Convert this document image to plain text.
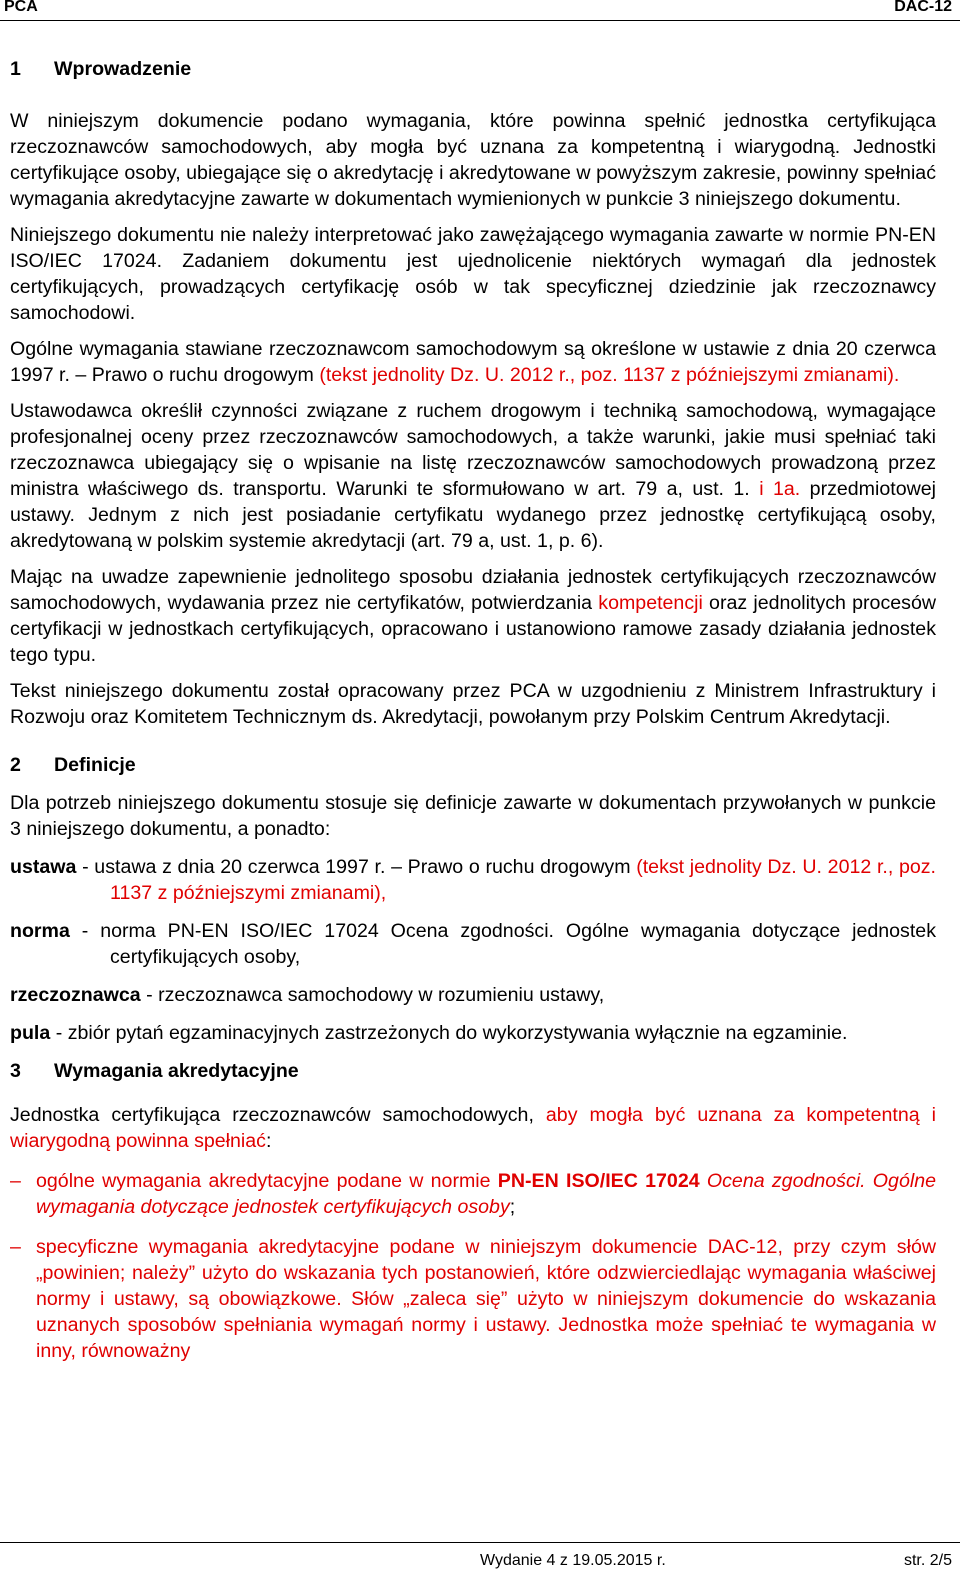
PCA	DAC-12
1 Wprowadzenie

W niniejszym dokumencie podano wymagania, które powinna spełnić jednostka certyfikująca rzeczoznawców samochodowych, aby mogła być uznana za kompetentną i wiarygodną. Jednostki certyfikujące osoby, ubiegające się o akredytację i akredytowane w powyższym zakresie, powinny spełniać wymagania akredytacyjne zawarte w dokumentach wymienionych w punkcie 3 niniejszego dokumentu.

Niniejszego dokumentu nie należy interpretować jako zawężającego wymagania zawarte w normie PN-EN ISO/IEC 17024. Zadaniem dokumentu jest ujednolicenie niektórych wymagań dla jednostek certyfikujących, prowadzących certyfikację osób w tak specyficznej dziedzinie jak rzeczoznawcy samochodowi.

Ogólne wymagania stawiane rzeczoznawcom samochodowym są określone w ustawie z dnia 20 czerwca 1997 r. – Prawo o ruchu drogowym (tekst jednolity Dz. U. 2012 r., poz. 1137 z późniejszymi zmianami).

Ustawodawca określił czynności związane z ruchem drogowym i techniką samochodową, wymagające profesjonalnej oceny przez rzeczoznawców samochodowych, a także warunki, jakie musi spełniać taki rzeczoznawca ubiegający się o wpisanie na listę rzeczoznawców samochodowych prowadzoną przez ministra właściwego ds. transportu. Warunki te sformułowano w art. 79 a, ust. 1. i 1a. przedmiotowej ustawy. Jednym z nich jest posiadanie certyfikatu wydanego przez jednostkę certyfikującą osoby, akredytowaną w polskim systemie akredytacji (art. 79 a, ust. 1, p. 6).

Mając na uwadze zapewnienie jednolitego sposobu działania jednostek certyfikujących rzeczoznawców samochodowych, wydawania przez nie certyfikatów, potwierdzania kompetencji oraz jednolitych procesów certyfikacji w jednostkach certyfikujących, opracowano i ustanowiono ramowe zasady działania jednostek tego typu.

Tekst niniejszego dokumentu został opracowany przez PCA w uzgodnieniu z Ministrem Infrastruktury i Rozwoju oraz Komitetem Technicznym ds. Akredytacji, powołanym przy Polskim Centrum Akredytacji.

2 Definicje

Dla potrzeb niniejszego dokumentu stosuje się definicje zawarte w dokumentach przywołanych w punkcie 3 niniejszego dokumentu, a ponadto:

ustawa - ustawa z dnia 20 czerwca 1997 r. – Prawo o ruchu drogowym (tekst jednolity Dz. U. 2012 r., poz. 1137 z późniejszymi zmianami),

norma - norma PN-EN ISO/IEC 17024 Ocena zgodności. Ogólne wymagania dotyczące jednostek certyfikujących osoby,

rzeczoznawca - rzeczoznawca samochodowy w rozumieniu ustawy,

pula - zbiór pytań egzaminacyjnych zastrzeżonych do wykorzystywania wyłącznie na egzaminie.

3 Wymagania akredytacyjne

Jednostka certyfikująca rzeczoznawców samochodowych, aby mogła być uznana za kompetentną i wiarygodną powinna spełniać:

– ogólne wymagania akredytacyjne podane w normie PN-EN ISO/IEC 17024 Ocena zgodności. Ogólne wymagania dotyczące jednostek certyfikujących osoby;

– specyficzne wymagania akredytacyjne podane w niniejszym dokumencie DAC-12, przy czym słów „powinien; należy” użyto do wskazania tych postanowień, które odzwierciedlając wymagania właściwej normy i ustawy, są obowiązkowe. Słów „zaleca się” użyto w niniejszym dokumencie do wskazania uznanych sposobów spełniania wymagań normy i ustawy. Jednostka może spełniać te wymagania w inny, równoważny

Wydanie 4 z 19.05.2015 r.	str. 2/5
